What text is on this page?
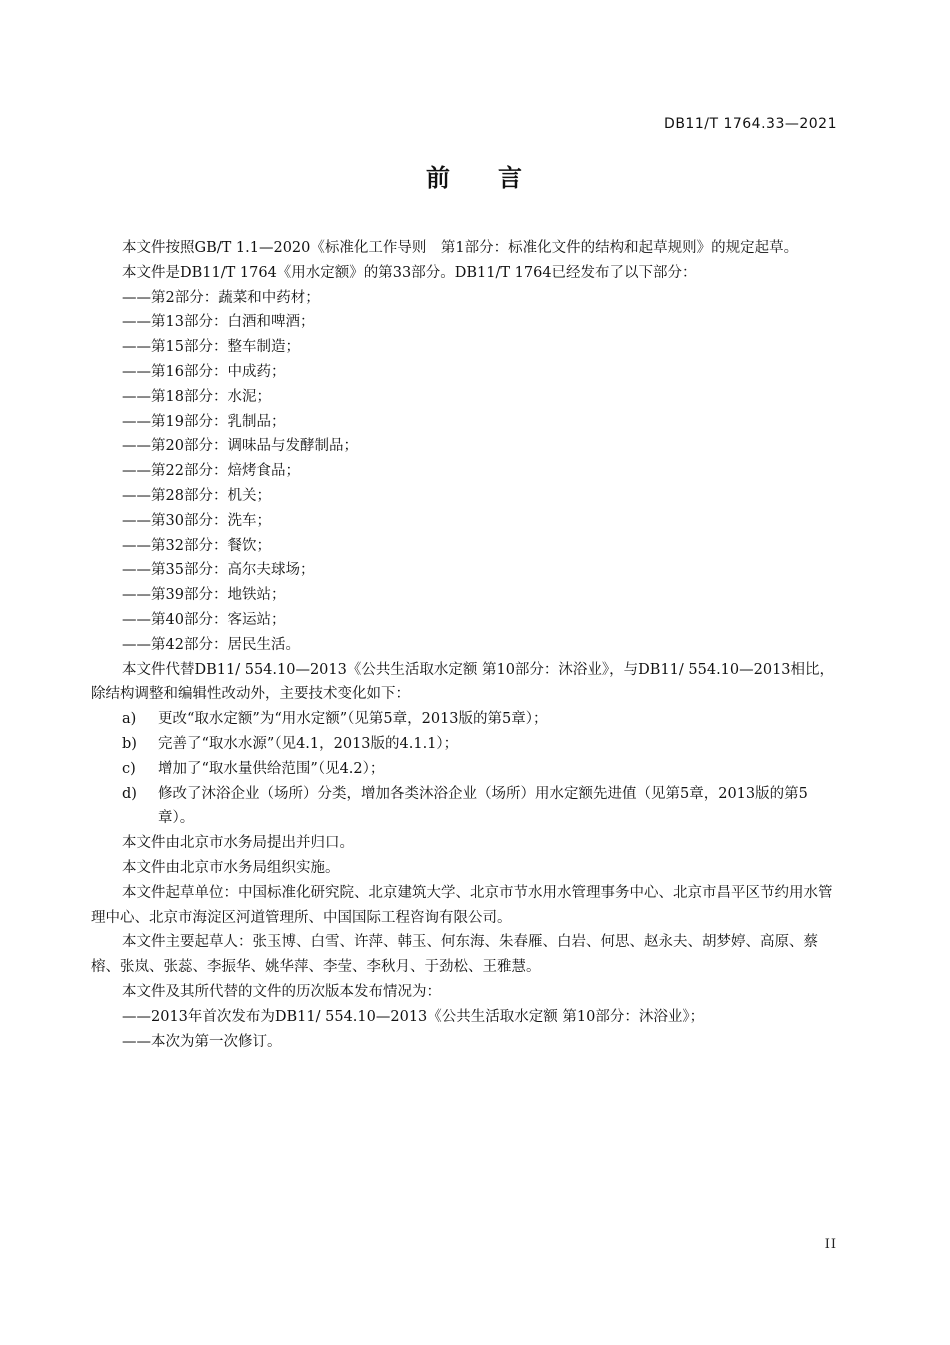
DB11/T 1764.33—2021
前 言

本文件按照GB/T 1.1—2020《标准化工作导则　第1部分：标准化文件的结构和起草规则》的规定起草。

本文件是DB11/T 1764《用水定额》的第33部分。DB11/T 1764已经发布了以下部分：

——第2部分：蔬菜和中药材；

——第13部分：白酒和啤酒；

——第15部分：整车制造；

——第16部分：中成药；

——第18部分：水泥；

——第19部分：乳制品；

——第20部分：调味品与发酵制品；

——第22部分：焙烤食品；

——第28部分：机关；

——第30部分：洗车；

——第32部分：餐饮；

——第35部分：高尔夫球场；

——第39部分：地铁站；

——第40部分：客运站；

——第42部分：居民生活。

本文件代替DB11/ 554.10—2013《公共生活取水定额 第10部分：沐浴业》，与DB11/ 554.10—2013相比，除结构调整和编辑性改动外，主要技术变化如下：

a) 更改“取水定额”为“用水定额”（见第5章，2013版的第5章）；

b) 完善了“取水水源”（见4.1，2013版的4.1.1）；

c) 增加了“取水量供给范围”（见4.2）；

d) 修改了沐浴企业（场所）分类，增加各类沐浴企业（场所）用水定额先进值（见第5章，2013版的第5章）。

本文件由北京市水务局提出并归口。

本文件由北京市水务局组织实施。

本文件起草单位：中国标准化研究院、北京建筑大学、北京市节水用水管理事务中心、北京市昌平区节约用水管理中心、北京市海淀区河道管理所、中国国际工程咨询有限公司。

本文件主要起草人：张玉博、白雪、许萍、韩玉、何东海、朱春雁、白岩、何思、赵永夫、胡梦婷、高原、蔡榕、张岚、张蕊、李振华、姚华萍、李莹、李秋月、于劲松、王雅慧。

本文件及其所代替的文件的历次版本发布情况为：

——2013年首次发布为DB11/ 554.10—2013《公共生活取水定额 第10部分：沐浴业》；

——本次为第一次修订。

II
